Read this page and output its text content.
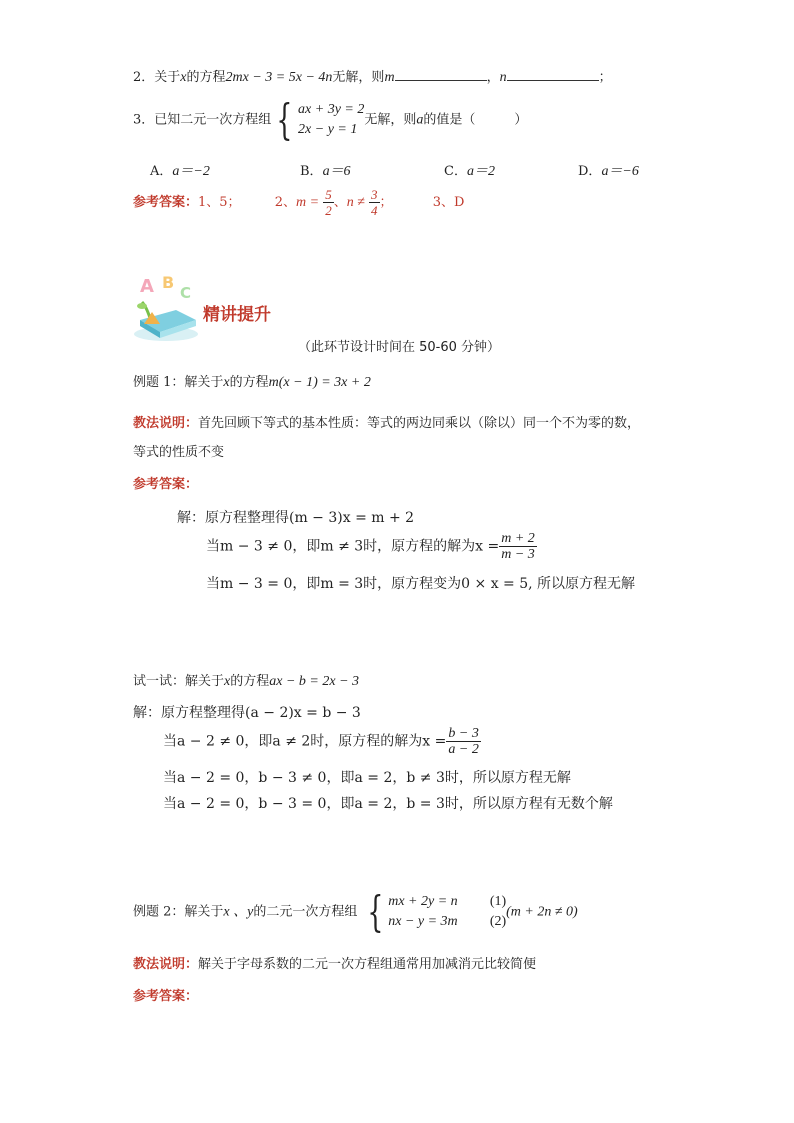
2．关于x的方程2mx − 3 = 5x − 4n无解，则m	，n	；
3．已知二元一次方程组 { ax + 3y = 2
2x − y = 1
无解，则a的值是（　　　）
A．a＝−2	B．a＝6	C．a＝2	D．a＝−6
参考答案：1、5；	2、$m = \frac{5}{2}$ 、$n \ne \frac{3}{4}$ ；	3、D
A B
C
精讲提升
（此环节设计时间在 50-60 分钟）
例题 1：解关于x的方程m(x − 1) = 3x + 2
教法说明：首先回顾下等式的基本性质：等式的两边同乘以（除以）同一个不为零的数，
等式的性质不变
参考答案：
解：原方程整理得(m − 3)x = m + 2
当m − 3 ≠ 0，即m ≠ 3时，原方程的解为$x = \frac{m + 2}{m - 3}$
当m − 3 = 0，即m = 3时，原方程变为0 × x = 5, 所以原方程无解
试一试：解关于x的方程ax − b = 2x − 3
解：原方程整理得(a − 2)x = b − 3
当a − 2 ≠ 0，即a ≠ 2时，原方程的解为$x = \frac{b - 3}{a - 2}$
当a − 2 = 0，b − 3 ≠ 0，即a = 2，b ≠ 3时，所以原方程无解
当a − 2 = 0，b − 3 = 0，即a = 2，b = 3时，所以原方程有无数个解
例题 2：解关于x 、y的二元一次方程组 { mx + 2y = n
nx − y = 3m

(1)
(2)
(m + 2n ≠ 0)
教法说明：解关于字母系数的二元一次方程组通常用加减消元比较简便
参考答案：
